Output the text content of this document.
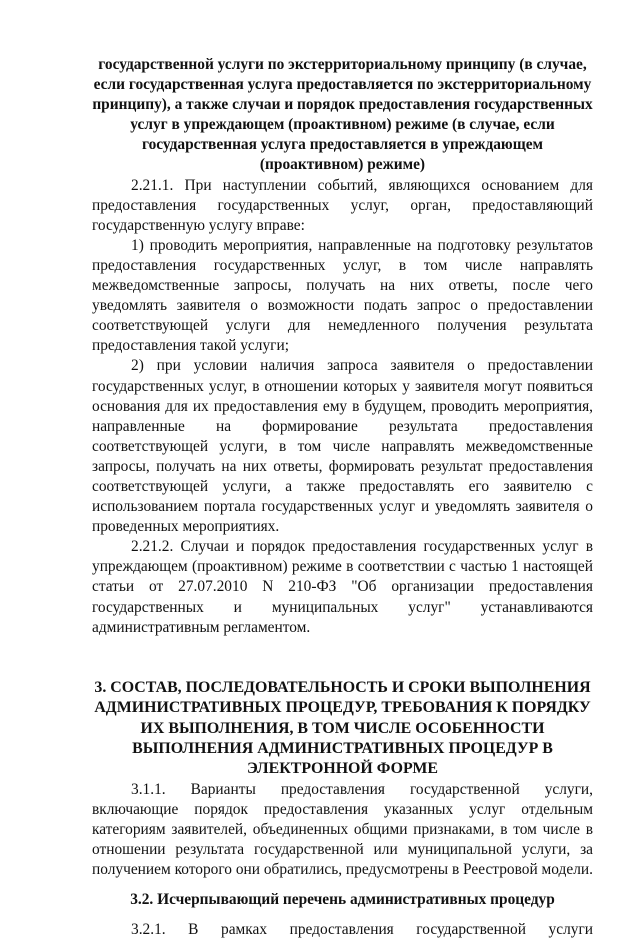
государственной услуги по экстерриториальному принципу (в случае, если государственная услуга предоставляется по экстерриториальному принципу), а также случаи и порядок предоставления государственных услуг в упреждающем (проактивном) режиме (в случае, если государственная услуга предоставляется в упреждающем (проактивном) режиме)

2.21.1. При наступлении событий, являющихся основанием для предоставления государственных услуг, орган, предоставляющий государственную услугу вправе:

1) проводить мероприятия, направленные на подготовку результатов предоставления государственных услуг, в том числе направлять межведомственные запросы, получать на них ответы, после чего уведомлять заявителя о возможности подать запрос о предоставлении соответствующей услуги для немедленного получения результата предоставления такой услуги;

2) при условии наличия запроса заявителя о предоставлении государственных услуг, в отношении которых у заявителя могут появиться основания для их предоставления ему в будущем, проводить мероприятия, направленные на формирование результата предоставления соответствующей услуги, в том числе направлять межведомственные запросы, получать на них ответы, формировать результат предоставления соответствующей услуги, а также предоставлять его заявителю с использованием портала государственных услуг и уведомлять заявителя о проведенных мероприятиях.

2.21.2. Случаи и порядок предоставления государственных услуг в упреждающем (проактивном) режиме в соответствии с частью 1 настоящей статьи от 27.07.2010 N 210-ФЗ "Об организации предоставления государственных и муниципальных услуг" устанавливаются административным регламентом.

3. СОСТАВ, ПОСЛЕДОВАТЕЛЬНОСТЬ И СРОКИ ВЫПОЛНЕНИЯ АДМИНИСТРАТИВНЫХ ПРОЦЕДУР, ТРЕБОВАНИЯ К ПОРЯДКУ ИХ ВЫПОЛНЕНИЯ, В ТОМ ЧИСЛЕ ОСОБЕННОСТИ ВЫПОЛНЕНИЯ АДМИНИСТРАТИВНЫХ ПРОЦЕДУР В ЭЛЕКТРОННОЙ ФОРМЕ

3.1.1. Варианты предоставления государственной услуги, включающие порядок предоставления указанных услуг отдельным категориям заявителей, объединенных общими признаками, в том числе в отношении результата государственной или муниципальной услуги, за получением которого они обратились, предусмотрены в Реестровой модели.

3.2. Исчерпывающий перечень административных процедур

3.2.1. В рамках предоставления государственной услуги
